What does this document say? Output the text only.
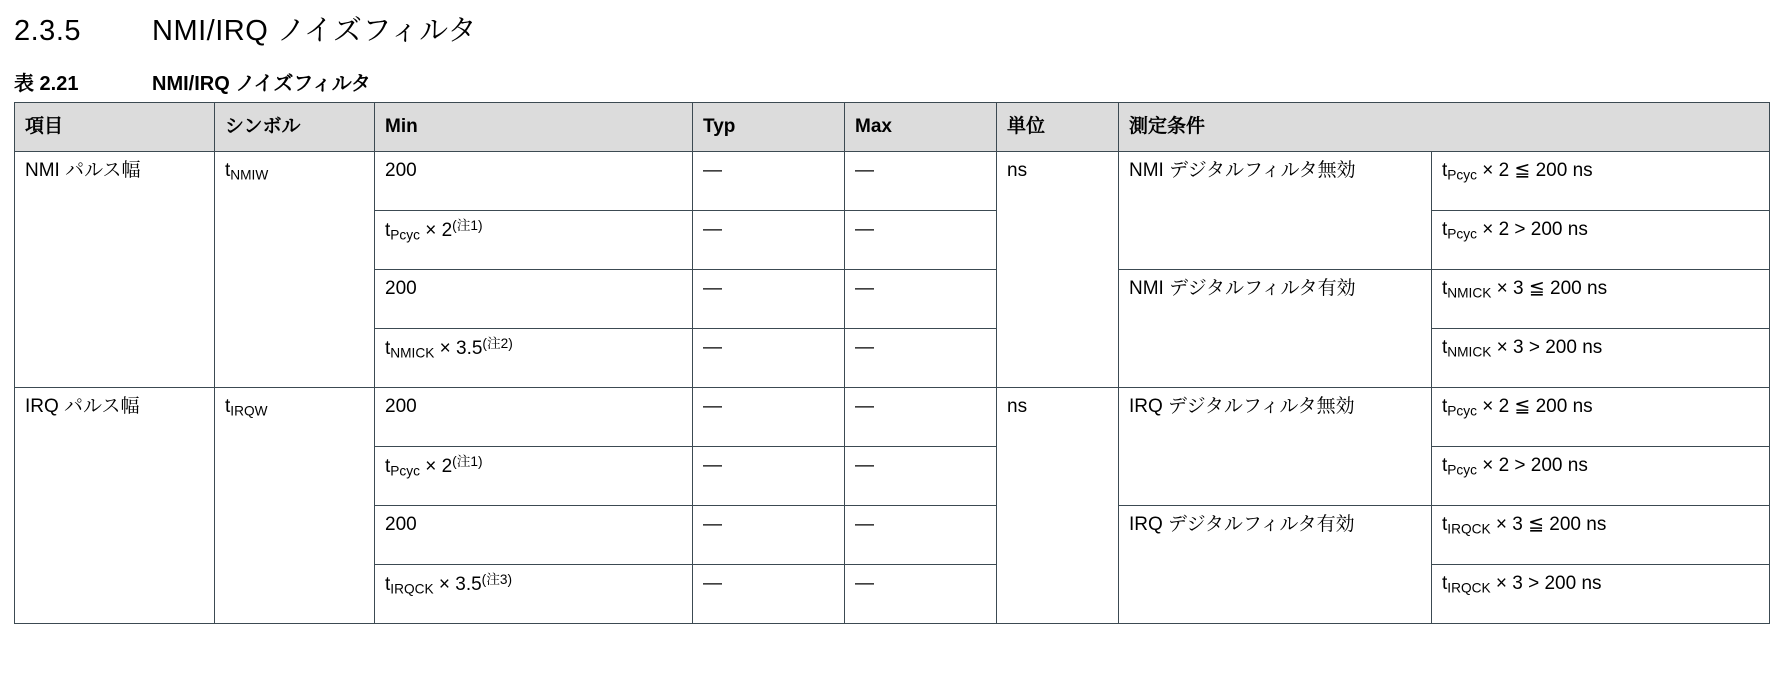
2.3.5	NMI/IRQ ノイズフィルタ
表 2.21	NMI/IRQ ノイズフィルタ
項目	シンボル	Min	Typ	Max	単位	測定条件	
NMI パルス幅	$t_{NMIW}$	200	—	—	ns	NMI デジタルフィルタ無効	$t_{Pcyc} \times 2$ ≦ 200 ns
		$t_{Pcyc} \times 2^{(注1)}$	—	—			$t_{Pcyc} \times 2 > 200$ ns
		200	—	—		NMI デジタルフィルタ有効	$t_{NMICK} \times 3$ ≦ 200 ns
		$t_{NMICK} \times 3.5^{(注2)}$	—	—			$t_{NMICK} \times 3 > 200$ ns
IRQ パルス幅	$t_{IRQW}$	200	—	—	ns	IRQ デジタルフィルタ無効	$t_{Pcyc} \times 2$ ≦ 200 ns
		$t_{Pcyc} \times 2^{(注1)}$	—	—			$t_{Pcyc} \times 2 > 200$ ns
		200	—	—		IRQ デジタルフィルタ有効	$t_{IRQCK} \times 3$ ≦ 200 ns
		$t_{IRQCK} \times 3.5^{(注3)}$	—	—			$t_{IRQCK} \times 3 > 200$ ns
